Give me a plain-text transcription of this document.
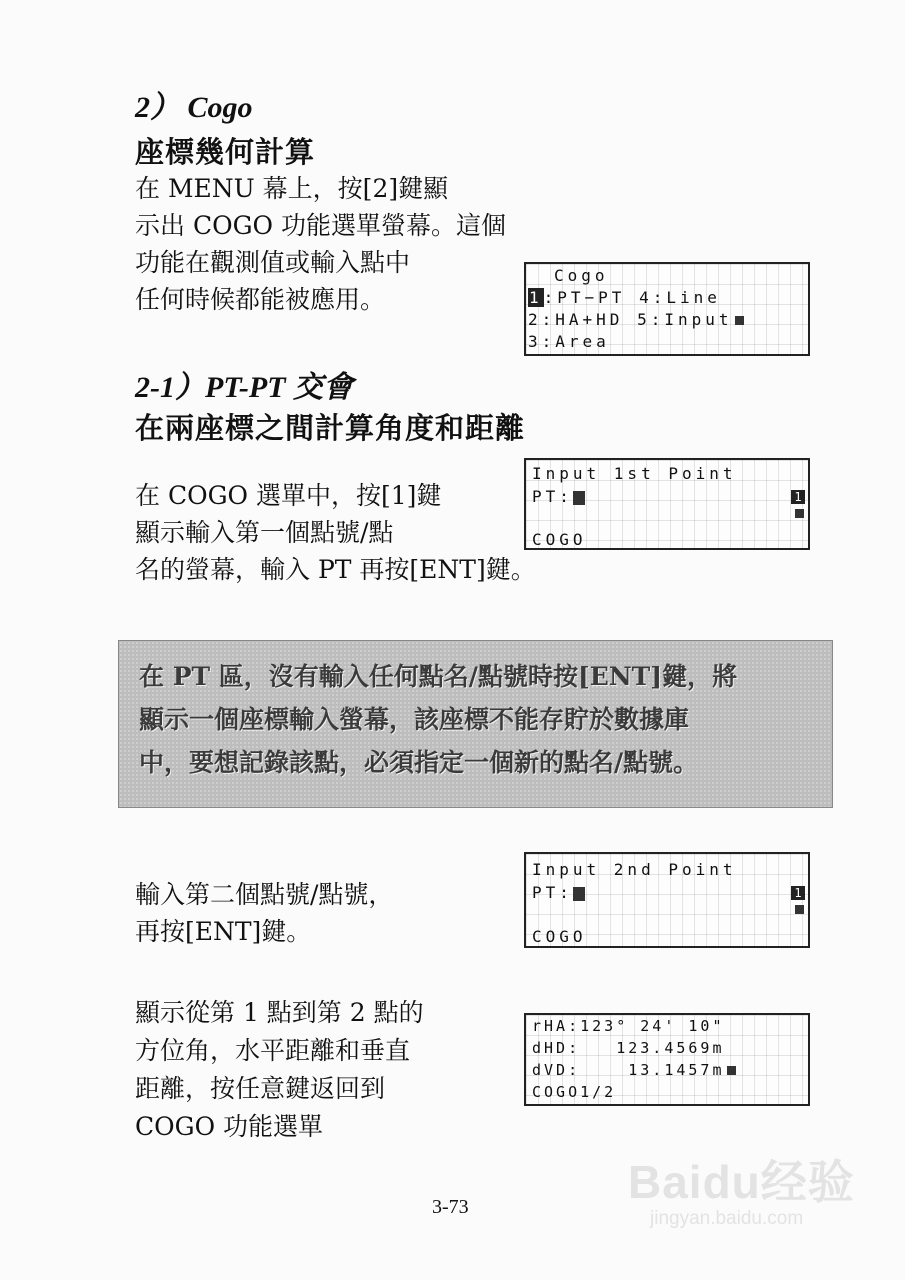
2） Cogo
座標幾何計算
在 MENU 幕上，按[2]鍵顯
示出 COGO 功能選單螢幕。這個
功能在觀測值或輸入點中
任何時候都能被應用。
Cogo
1:PT−PT 4:Line
2:HA+HD 5:Input
3:Area
2-1）PT-PT 交會
在兩座標之間計算角度和距離
在 COGO 選單中，按[1]鍵
顯示輸入第一個點號/點
名的螢幕，輸入 PT 再按[ENT]鍵。
Input 1st Point
PT:
COGO
1
在 PT 區，沒有輸入任何點名/點號時按[ENT]鍵，將
顯示一個座標輸入螢幕，該座標不能存貯於數據庫
中，要想記錄該點，必須指定一個新的點名/點號。
輸入第二個點號/點號，
再按[ENT]鍵。
Input 2nd Point
PT:
COGO
1
顯示從第 1 點到第 2 點的
方位角，水平距離和垂直
距離，按任意鍵返回到
COGO 功能選單
rHA:123° 24' 10"
dHD:   123.4569m
dVD:    13.1457m
COGO1/2
3-73	Baidu经验
jingyan.baidu.com
